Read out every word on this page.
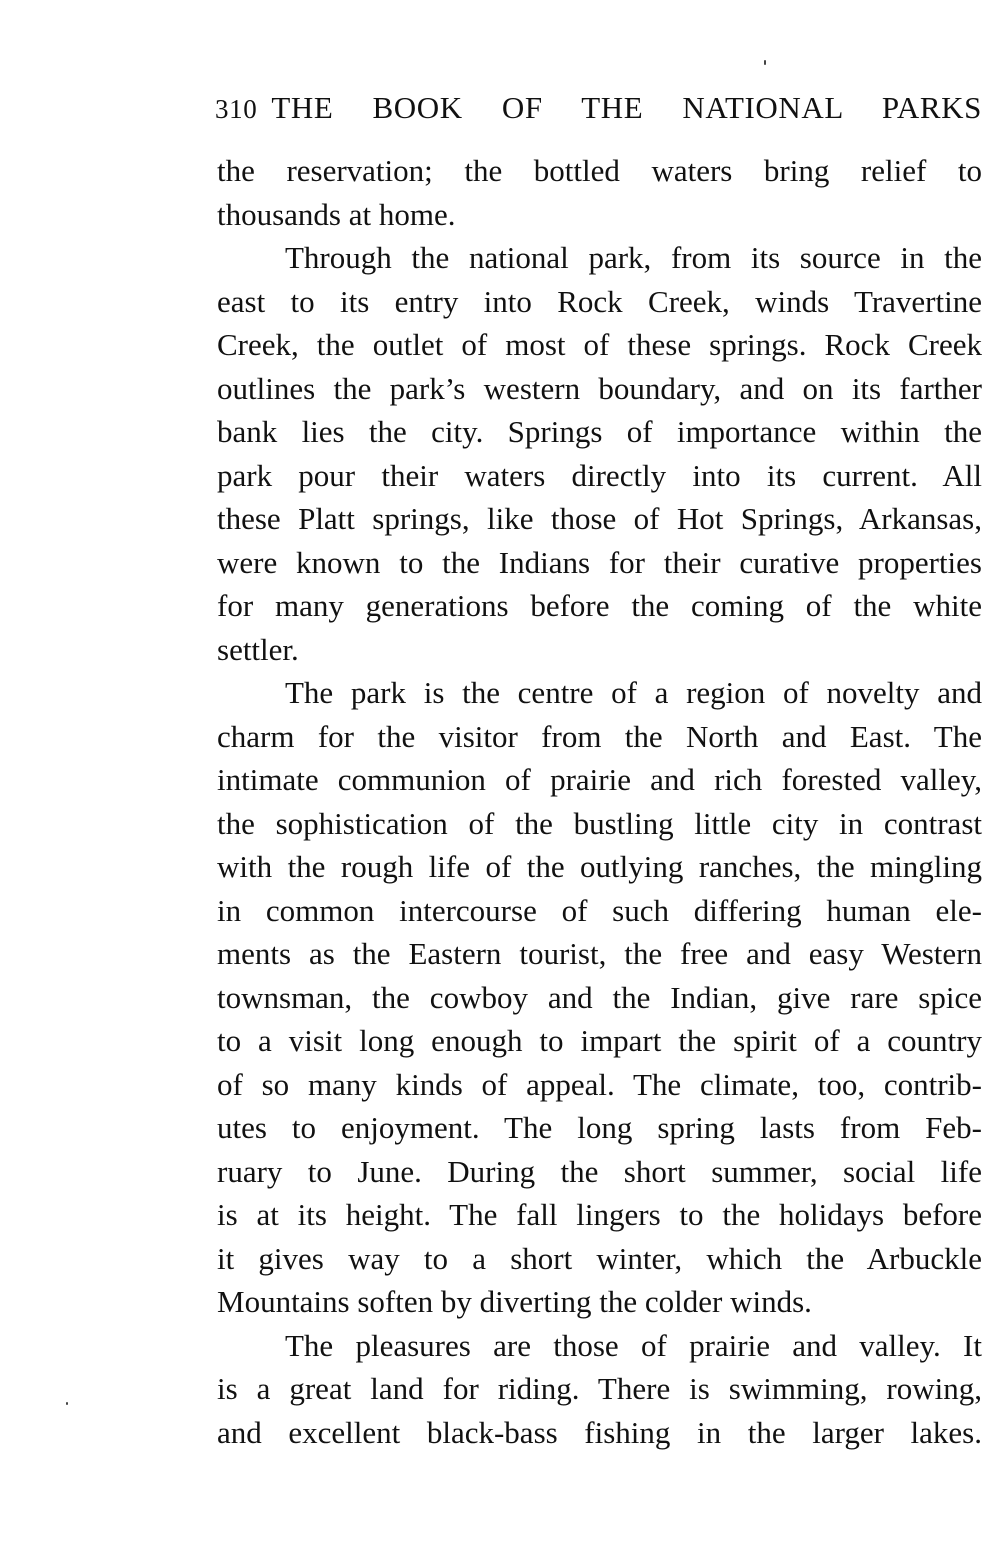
310 THE BOOK OF THE NATIONAL PARKS
the reservation; the bottled waters bring relief to
thousands at home.
Through the national park, from its source in the
east to its entry into Rock Creek, winds Travertine
Creek, the outlet of most of these springs. Rock Creek
outlines the park’s western boundary, and on its farther
bank lies the city. Springs of importance within the
park pour their waters directly into its current. All
these Platt springs, like those of Hot Springs, Arkansas,
were known to the Indians for their curative properties
for many generations before the coming of the white
settler.
The park is the centre of a region of novelty and
charm for the visitor from the North and East. The
intimate communion of prairie and rich forested valley,
the sophistication of the bustling little city in contrast
with the rough life of the outlying ranches, the mingling
in common intercourse of such differing human ele-
ments as the Eastern tourist, the free and easy Western
townsman, the cowboy and the Indian, give rare spice
to a visit long enough to impart the spirit of a country
of so many kinds of appeal. The climate, too, contrib-
utes to enjoyment. The long spring lasts from Feb-
ruary to June. During the short summer, social life
is at its height. The fall lingers to the holidays before
it gives way to a short winter, which the Arbuckle
Mountains soften by diverting the colder winds.
The pleasures are those of prairie and valley. It
is a great land for riding. There is swimming, rowing,
and excellent black-bass fishing in the larger lakes.
